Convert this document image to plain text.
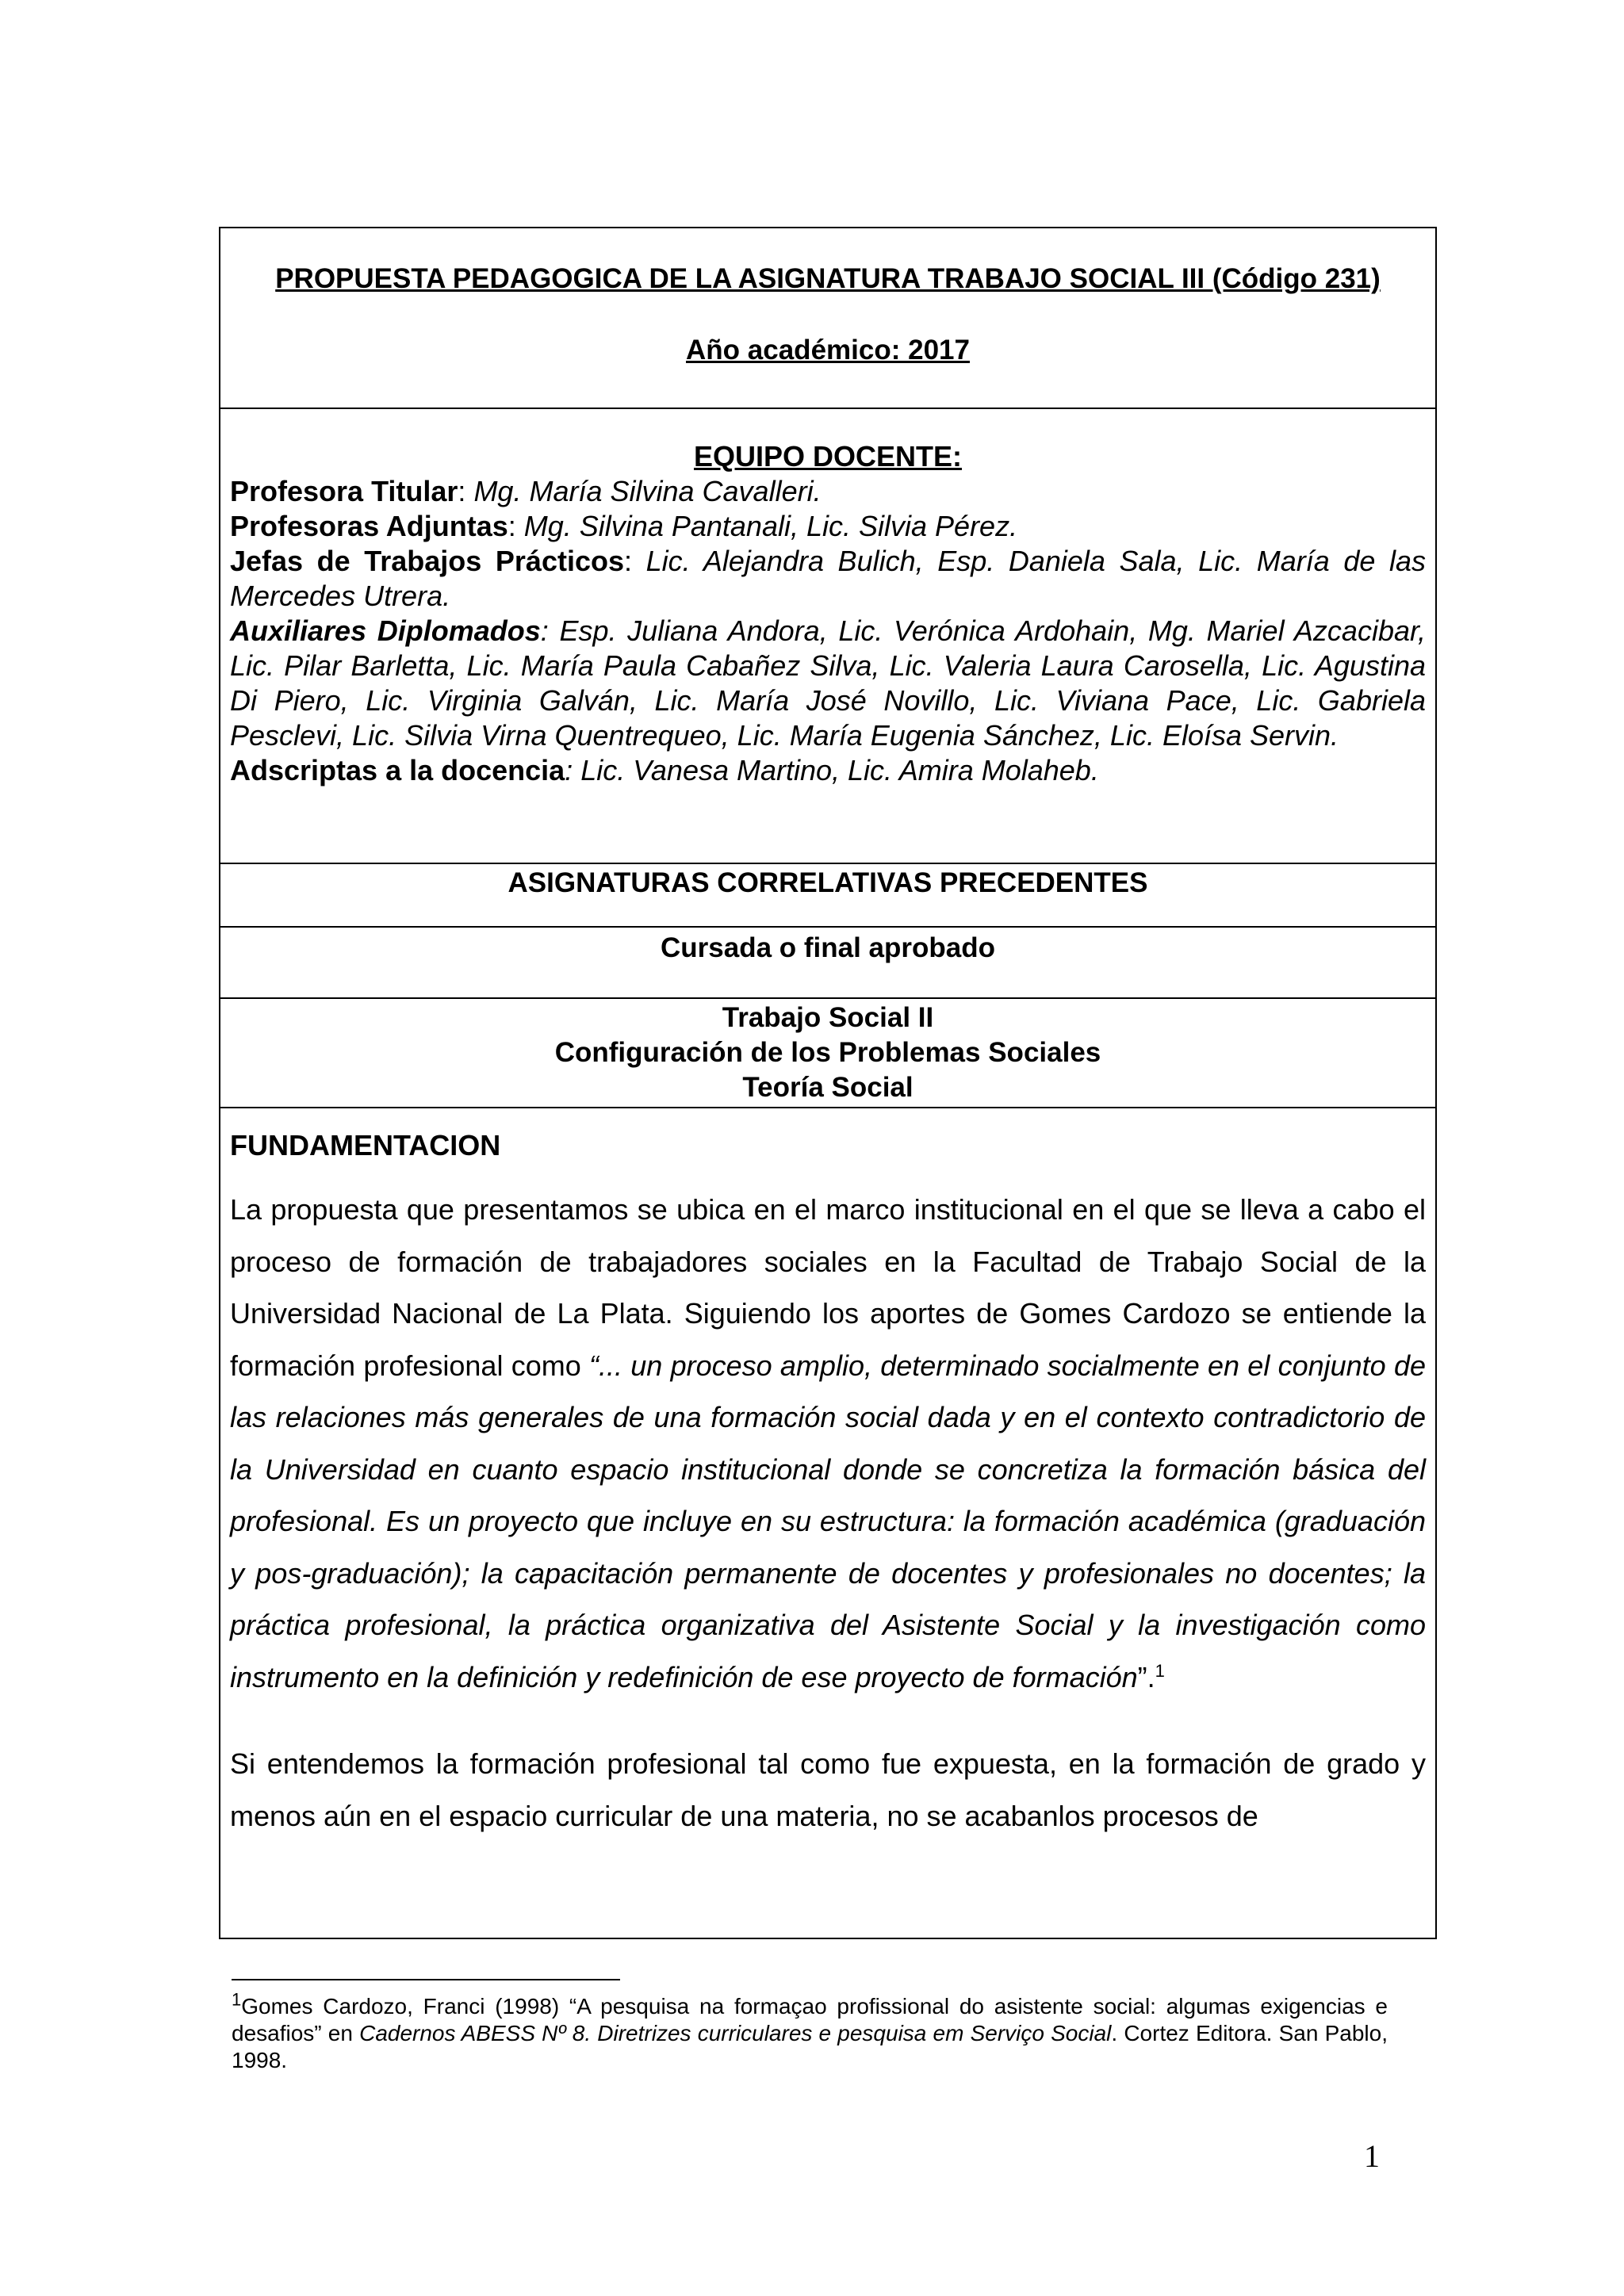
PROPUESTA PEDAGOGICA DE LA ASIGNATURA TRABAJO SOCIAL III (Código 231)
Año académico: 2017
EQUIPO DOCENTE:

Profesora Titular: Mg. María Silvina Cavalleri.

Profesoras Adjuntas: Mg. Silvina Pantanali, Lic. Silvia Pérez.

Jefas de Trabajos Prácticos: Lic. Alejandra Bulich, Esp. Daniela Sala, Lic. María de las Mercedes Utrera.

Auxiliares Diplomados: Esp. Juliana Andora, Lic. Verónica Ardohain, Mg. Mariel Azcacibar, Lic. Pilar Barletta, Lic. María Paula Cabañez Silva, Lic. Valeria Laura Carosella, Lic. Agustina Di Piero, Lic. Virginia Galván, Lic. María José Novillo, Lic. Viviana Pace, Lic. Gabriela Pesclevi, Lic. Silvia Virna Quentrequeo, Lic. María Eugenia Sánchez, Lic. Eloísa Servin.

Adscriptas a la docencia: Lic. Vanesa Martino, Lic. Amira Molaheb.

ASIGNATURAS CORRELATIVAS PRECEDENTES
Cursada o final aprobado
Trabajo Social II
Configuración de los Problemas Sociales
Teoría Social
FUNDAMENTACION

La propuesta que presentamos se ubica en el marco institucional en el que se lleva a cabo el proceso de formación de trabajadores sociales en la Facultad de Trabajo Social de la Universidad Nacional de La Plata. Siguiendo los aportes de Gomes Cardozo se entiende la formación profesional como “... un proceso amplio, determinado socialmente en el conjunto de las relaciones más generales de una formación social dada y en el contexto contradictorio de la Universidad en cuanto espacio institucional donde se concretiza la formación básica del profesional. Es un proyecto que incluye en su estructura: la formación académica (graduación y pos-graduación); la capacitación permanente de docentes y profesionales no docentes; la práctica profesional, la práctica organizativa del Asistente Social y la investigación como instrumento en la definición y redefinición de ese proyecto de formación”.$^1$

Si entendemos la formación profesional tal como fue expuesta, en la formación de grado y menos aún en el espacio curricular de una materia, no se acabanlos procesos de

$^1$Gomes Cardozo, Franci (1998) “A pesquisa na formaçao profissional do asistente social: algumas exigencias e desafios” en Cadernos ABESS Nº 8. Diretrizes curriculares e pesquisa em Serviço Social. Cortez Editora. San Pablo, 1998.
1
